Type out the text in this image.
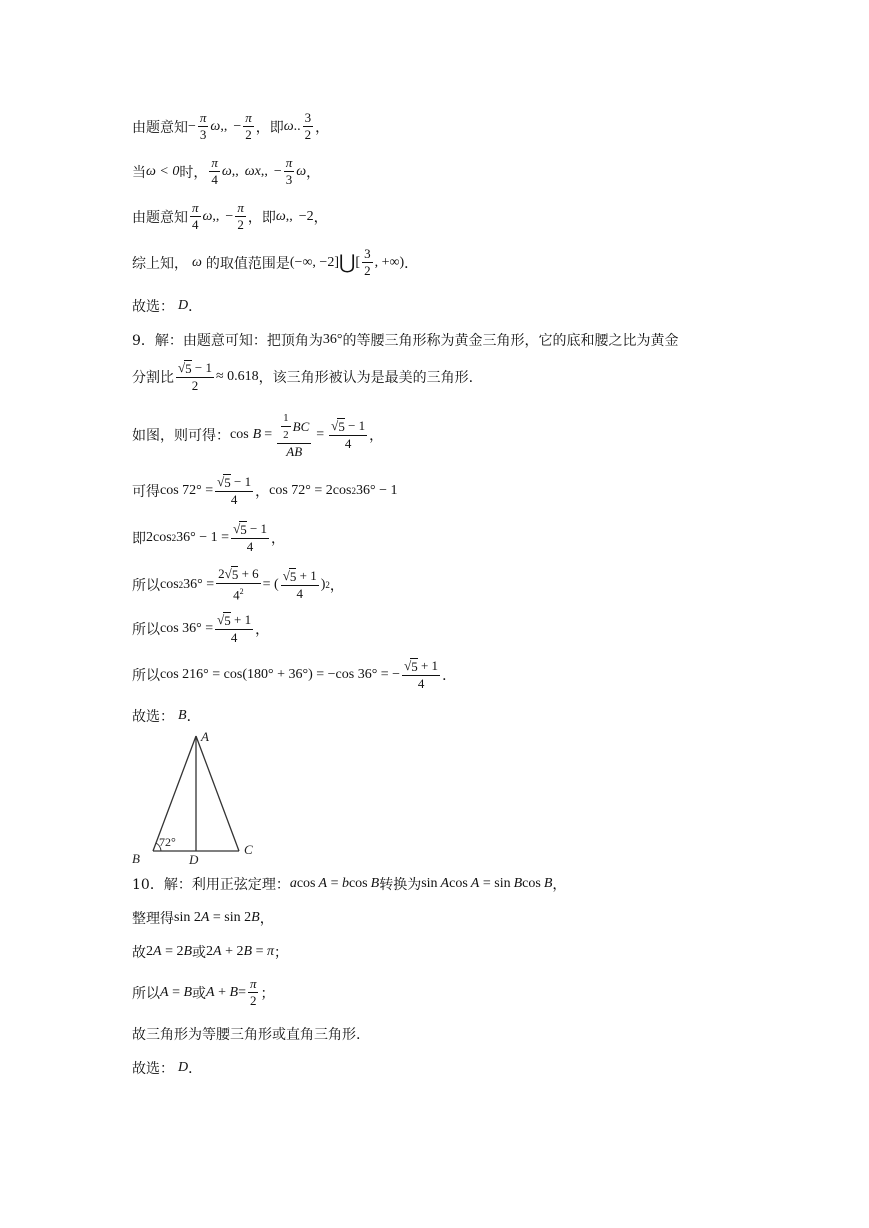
由题意知 − $\frac{\pi}{3}$ ω ,, − $\frac{\pi}{2}$ ，即 ω .. $\frac{3}{2}$ ，
当 ω < 0 时， $\frac{\pi}{4}$ ω ,, ωx ,, − $\frac{\pi}{3}$ ω ，
由题意知 $\frac{\pi}{4}$ ω ,, − $\frac{\pi}{2}$ ，即 ω ,, −2 ，
综上知， ω 的取值范围是 (−∞, −2] ⋃ [ $\frac{3}{2}$ , +∞) ．
故选： D ．
9．解：由题意可知：把顶角为 36° 的等腰三角形称为黄金三角形，它的底和腰之比为黄金
分割比 $\frac{√ 5 - 1}{2} \approx 0.618$ ，该三角形被认为是最美的三角形.
如图，则可得： $\cos B = \frac{\frac{1}{2} BC}{AB} = \frac{√ 5 - 1}{4}$ ，
可得 $\cos 72^\circ = \frac{√ 5 - 1}{4}$ ， cos 72° = 2cos 2 36° − 1
即 2cos 2 $36^\circ - 1 = \frac{√ 5 - 1}{4}$ ，
所以 cos 2 $36^\circ = \frac{2 √ 5 + 6}{4^2}$ = ( $\frac{√ 5 + 1}{4}$ ) 2 ，
所以 $\cos 36^\circ = \frac{√ 5 + 1}{4}$ ，
所以 cos 216° = cos(180° + 36°) = −cos 36° = − $\frac{√ 5 + 1}{4}$ ．
故选： B ．
A
B
C
D
72°
10．解：利用正弦定理： a cos A = b cos B 转换为 sin A cos A = sin B cos B ，
整理得 sin 2 A = sin 2 B ，
故 2 A = 2 B 或 2 A + 2 B = π ；
所以 A = B 或 $A + B = \frac{\pi}{2}$ ；
故三角形为等腰三角形或直角三角形.
故选： D ．
